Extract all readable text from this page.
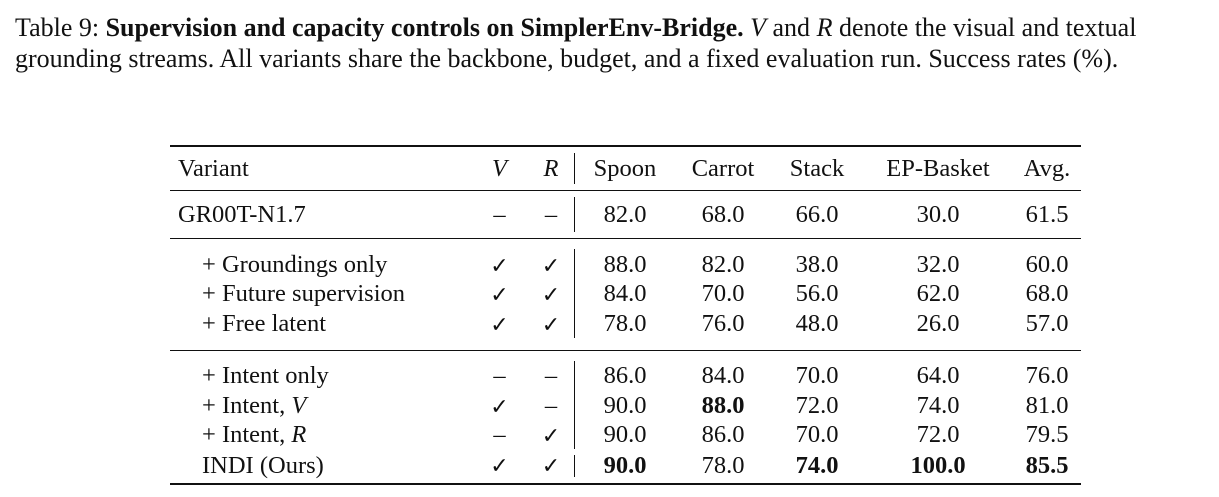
Table 9: Supervision and capacity controls on SimplerEnv-Bridge. V and R denote the visual and textual grounding streams. All variants share the backbone, budget, and a fixed evaluation run. Success rates (%).
Variant	V	R	Spoon	Carrot	Stack	EP-Basket	Avg.
GR00T-N1.7	–	–	82.0	68.0	66.0	30.0	61.5
+ Groundings only	✓	✓	88.0	82.0	38.0	32.0	60.0
+ Future supervision	✓	✓	84.0	70.0	56.0	62.0	68.0
+ Free latent	✓	✓	78.0	76.0	48.0	26.0	57.0
+ Intent only	–	–	86.0	84.0	70.0	64.0	76.0
+ Intent, V	✓	–	90.0	88.0	72.0	74.0	81.0
+ Intent, R	–	✓	90.0	86.0	70.0	72.0	79.5
INDI (Ours)	✓	✓	90.0	78.0	74.0	100.0	85.5
